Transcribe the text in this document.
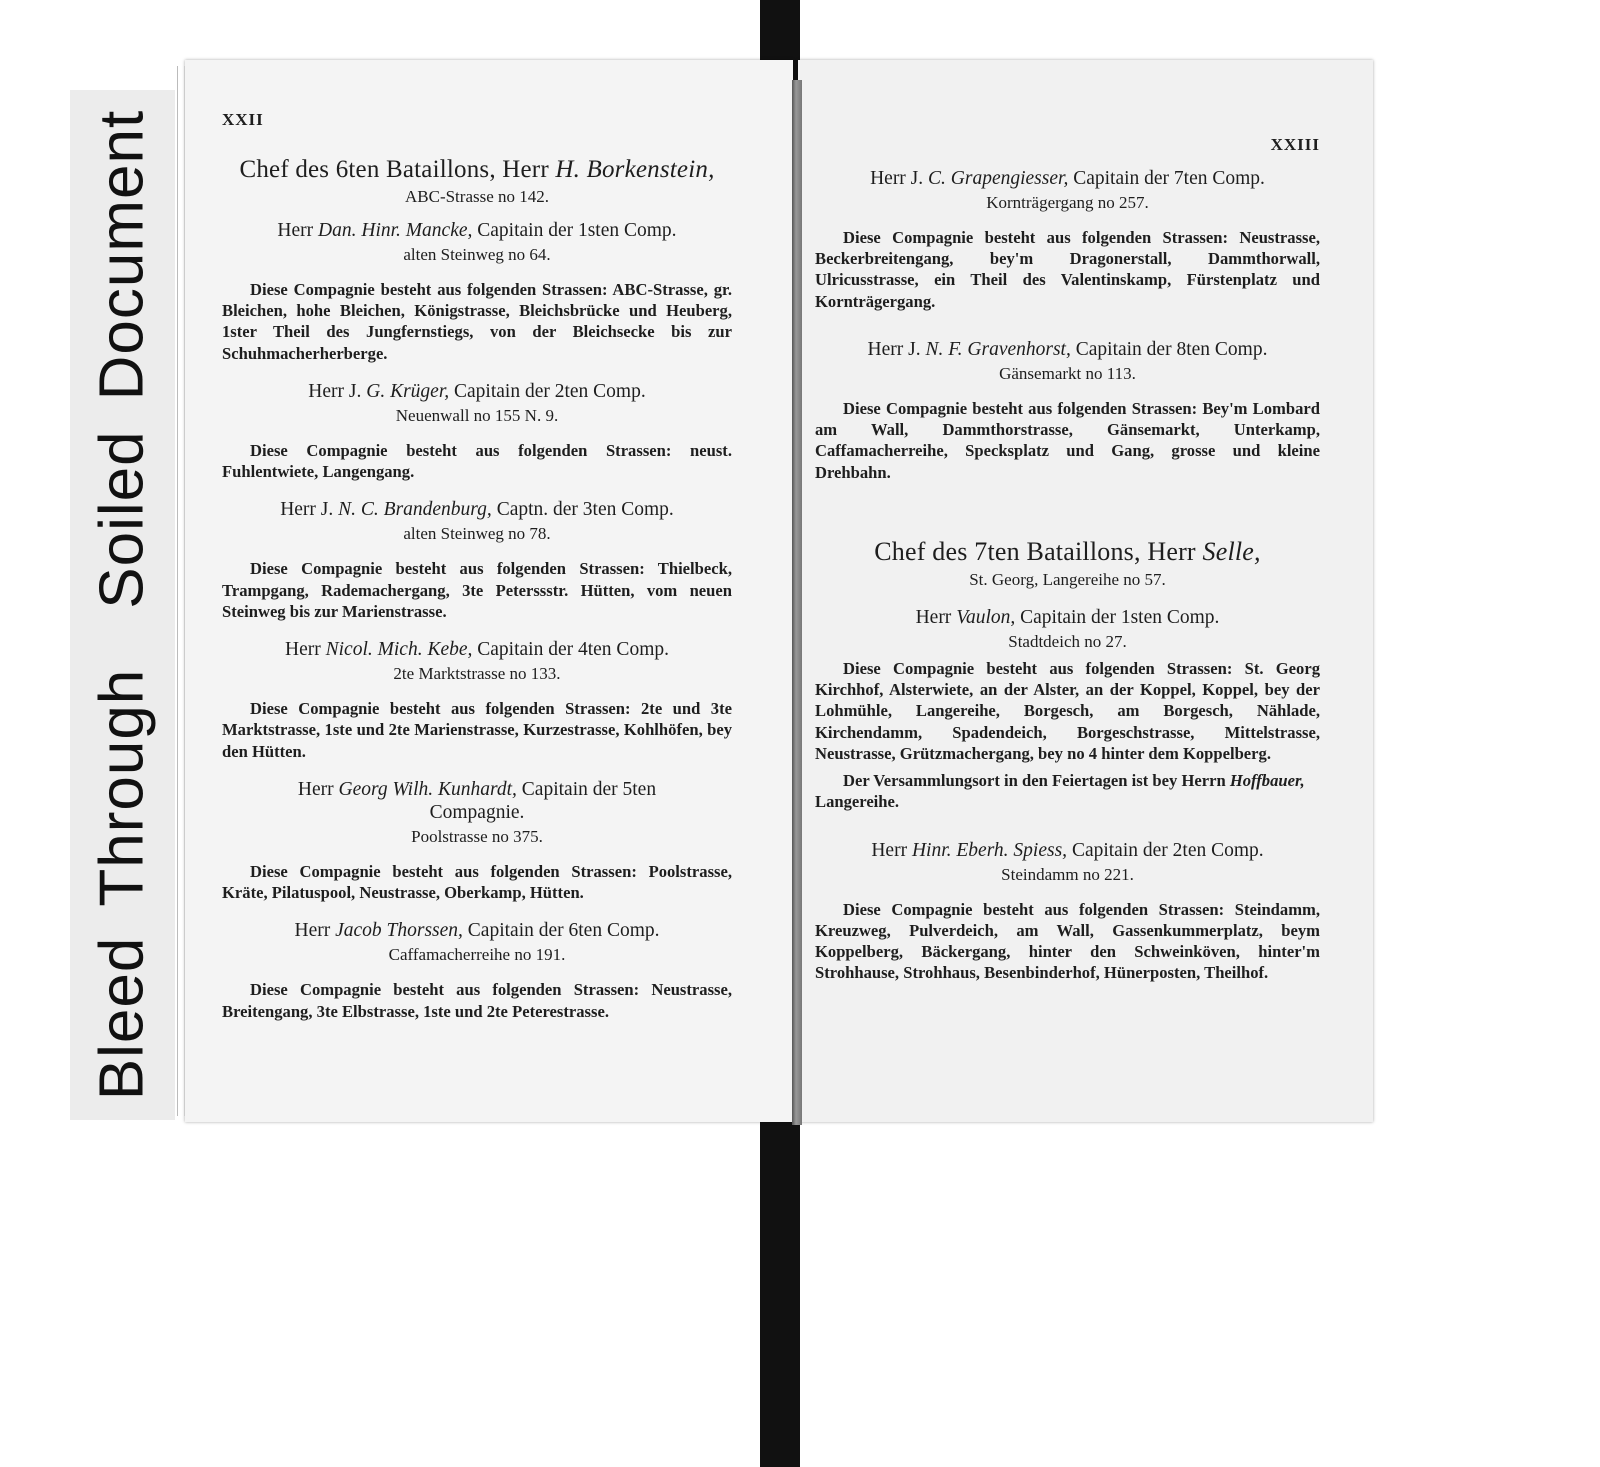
BleedThroughSoiledDocument	XXII
Chef des 6ten Bataillons, Herr H. Borkenstein,
ABC-Strasse no 142.
Herr Dan. Hinr. Mancke, Capitain der 1sten Comp.
alten Steinweg no 64.
Diese Compagnie besteht aus folgenden Strassen: ABC-Strasse, gr. Bleichen, hohe Bleichen, Königstrasse, Bleichsbrücke und Heuberg, 1ster Theil des Jungfernstiegs, von der Bleichsecke bis zur Schuhmacherherberge.
Herr J. G. Krüger, Capitain der 2ten Comp.
Neuenwall no 155 N. 9.
Diese Compagnie besteht aus folgenden Strassen: neust. Fuhlentwiete, Langengang.
Herr J. N. C. Brandenburg, Captn. der 3ten Comp.
alten Steinweg no 78.
Diese Compagnie besteht aus folgenden Strassen: Thielbeck, Trampgang, Rademachergang, 3te Peterssstr. Hütten, vom neuen Steinweg bis zur Marienstrasse.
Herr Nicol. Mich. Kebe, Capitain der 4ten Comp.
2te Marktstrasse no 133.
Diese Compagnie besteht aus folgenden Strassen: 2te und 3te Marktstrasse, 1ste und 2te Marienstrasse, Kurzestrasse, Kohlhöfen, bey den Hütten.
Herr Georg Wilh. Kunhardt, Capitain der 5ten Compagnie.
Poolstrasse no 375.
Diese Compagnie besteht aus folgenden Strassen: Poolstrasse, Kräte, Pilatuspool, Neustrasse, Oberkamp, Hütten.
Herr Jacob Thorssen, Capitain der 6ten Comp.
Caffamacherreihe no 191.
Diese Compagnie besteht aus folgenden Strassen: Neustrasse, Breitengang, 3te Elbstrasse, 1ste und 2te Peterestrasse.
XXIII
Herr J. C. Grapengiesser, Capitain der 7ten Comp.
Kornträgergang no 257.
Diese Compagnie besteht aus folgenden Strassen: Neustrasse, Beckerbreitengang, bey'm Dragonerstall, Dammthorwall, Ulricusstrasse, ein Theil des Valentinskamp, Fürstenplatz und Kornträgergang.
Herr J. N. F. Gravenhorst, Capitain der 8ten Comp.
Gänsemarkt no 113.
Diese Compagnie besteht aus folgenden Strassen: Bey'm Lombard am Wall, Dammthorstrasse, Gänsemarkt, Unterkamp, Caffamacherreihe, Specksplatz und Gang, grosse und kleine Drehbahn.
Chef des 7ten Bataillons, Herr Selle,
St. Georg, Langereihe no 57.
Herr Vaulon, Capitain der 1sten Comp.
Stadtdeich no 27.
Diese Compagnie besteht aus folgenden Strassen: St. Georg Kirchhof, Alsterwiete, an der Alster, an der Koppel, Koppel, bey der Lohmühle, Langereihe, Borgesch, am Borgesch, Nählade, Kirchendamm, Spadendeich, Borgeschstrasse, Mittelstrasse, Neustrasse, Grützmachergang, bey no 4 hinter dem Koppelberg.
Der Versammlungsort in den Feiertagen ist bey Herrn Hoffbauer, Langereihe.
Herr Hinr. Eberh. Spiess, Capitain der 2ten Comp.
Steindamm no 221.
Diese Compagnie besteht aus folgenden Strassen: Steindamm, Kreuzweg, Pulverdeich, am Wall, Gassenkummerplatz, beym Koppelberg, Bäckergang, hinter den Schweinköven, hinter'm Strohhause, Strohhaus, Besenbinderhof, Hünerposten, Theilhof.
